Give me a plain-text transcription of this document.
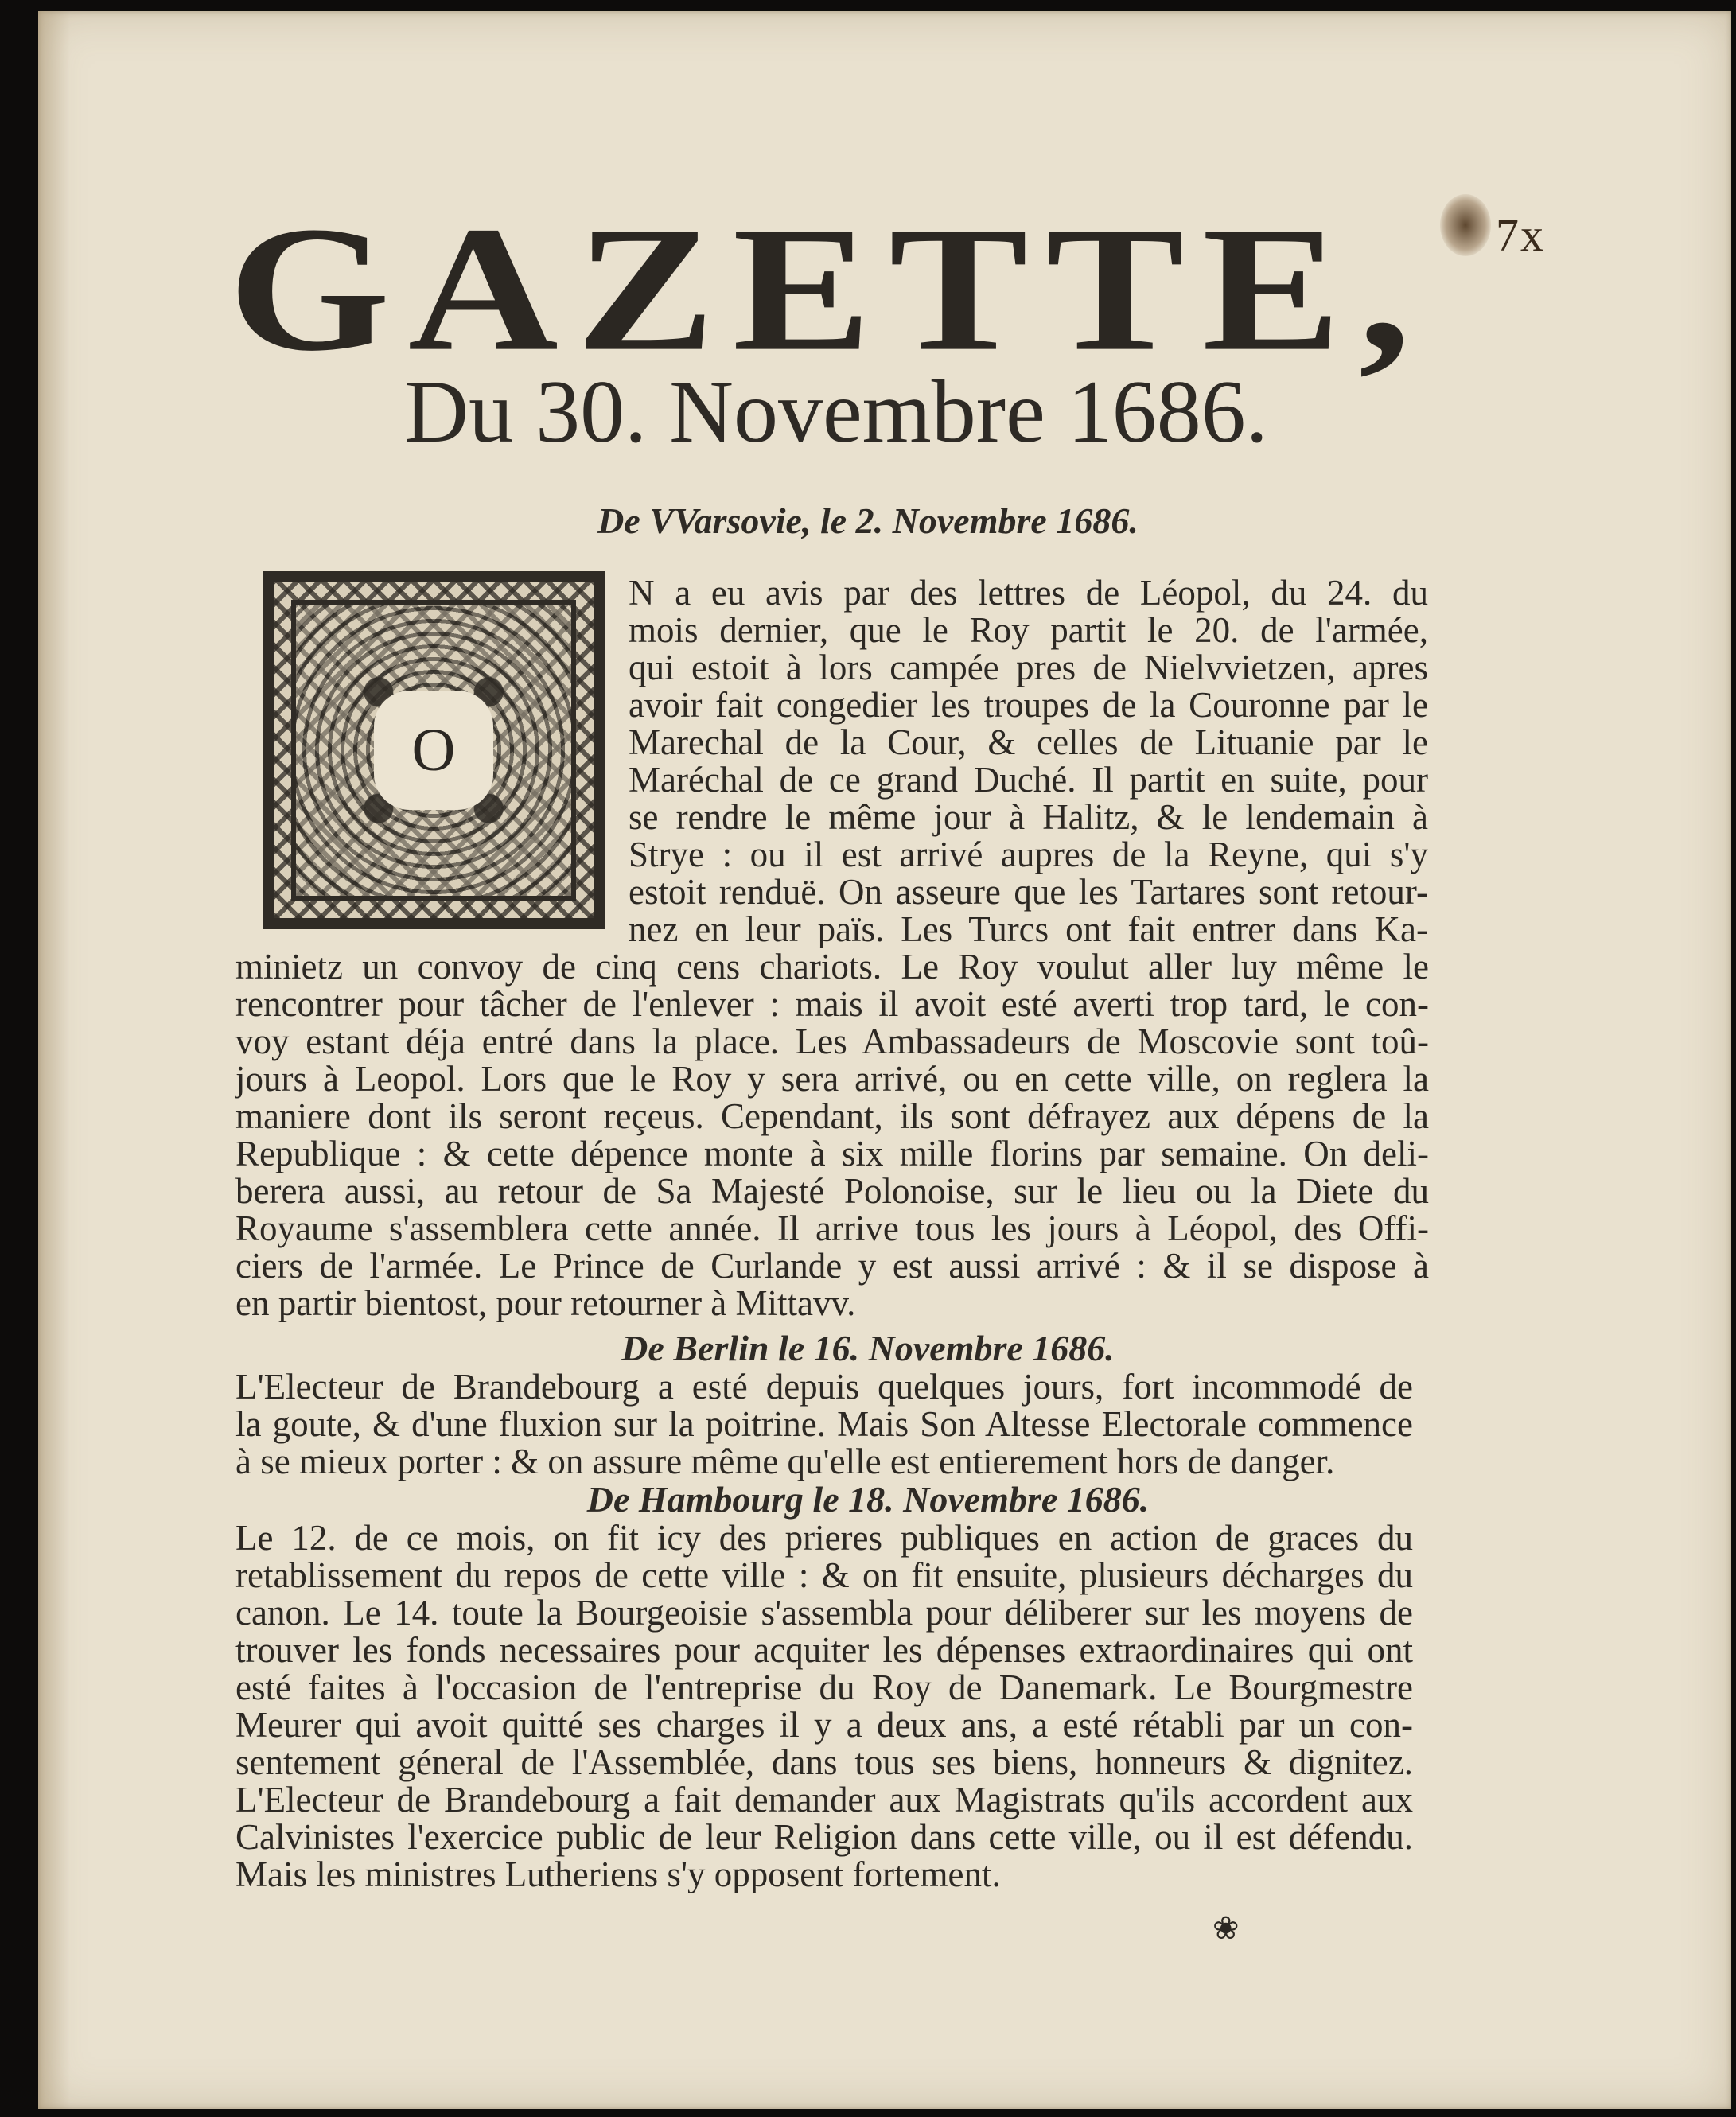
7x
GAZETTE,
Du 30. Novembre 1686.
De VVarsovie, le 2. Novembre 1686.
O
N a eu avis par des lettres de Léopol, du 24. du
mois dernier, que le Roy partit le 20. de l'armée,
qui estoit à lors campée pres de Nielvvietzen, apres
avoir fait congedier les troupes de la Couronne par le
Marechal de la Cour, & celles de Lituanie par le
Maréchal de ce grand Duché. Il partit en suite, pour
se rendre le même jour à Halitz, & le lendemain à
Strye : ou il est arrivé aupres de la Reyne, qui s'y
estoit renduë. On asseure que les Tartares sont retour-
nez en leur païs. Les Turcs ont fait entrer dans Ka-
minietz un convoy de cinq cens chariots. Le Roy voulut aller luy même le
rencontrer pour tâcher de l'enlever : mais il avoit esté averti trop tard, le con-
voy estant déja entré dans la place. Les Ambassadeurs de Moscovie sont toû-
jours à Leopol. Lors que le Roy y sera arrivé, ou en cette ville, on reglera la
maniere dont ils seront reçeus. Cependant, ils sont défrayez aux dépens de la
Republique : & cette dépence monte à six mille florins par semaine. On deli-
berera aussi, au retour de Sa Majesté Polonoise, sur le lieu ou la Diete du
Royaume s'assemblera cette année. Il arrive tous les jours à Léopol, des Offi-
ciers de l'armée. Le Prince de Curlande y est aussi arrivé : & il se dispose à
en partir bientost, pour retourner à Mittavv.
De Berlin le 16. Novembre 1686.
L'Electeur de Brandebourg a esté depuis quelques jours, fort incommodé de
la goute, & d'une fluxion sur la poitrine. Mais Son Altesse Electorale commence
à se mieux porter : & on assure même qu'elle est entierement hors de danger.
De Hambourg le 18. Novembre 1686.
Le 12. de ce mois, on fit icy des prieres publiques en action de graces du
retablissement du repos de cette ville : & on fit ensuite, plusieurs décharges du
canon. Le 14. toute la Bourgeoisie s'assembla pour déliberer sur les moyens de
trouver les fonds necessaires pour acquiter les dépenses extraordinaires qui ont
esté faites à l'occasion de l'entreprise du Roy de Danemark. Le Bourgmestre
Meurer qui avoit quitté ses charges il y a deux ans, a esté rétabli par un con-
sentement géneral de l'Assemblée, dans tous ses biens, honneurs & dignitez.
L'Electeur de Brandebourg a fait demander aux Magistrats qu'ils accordent aux
Calvinistes l'exercice public de leur Religion dans cette ville, ou il est défendu.
Mais les ministres Lutheriens s'y opposent fortement.
❀
